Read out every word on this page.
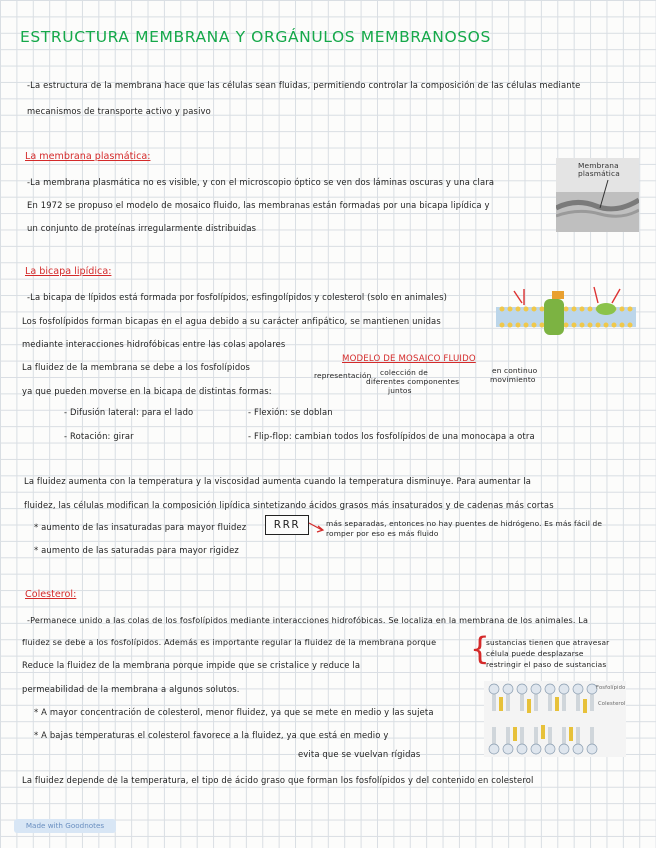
ESTRUCTURA MEMBRANA Y ORGÁNULOS MEMBRANOSOS
-La estructura de la membrana hace que las células sean fluidas, permitiendo controlar la composición de las células mediante
mecanismos de transporte activo y pasivo
La membrana plasmática:
-La membrana plasmática no es visible, y con el microscopio óptico se ven dos láminas oscuras y una clara
En 1972 se propuso el modelo de mosaico fluido, las membranas están formadas por una bicapa lipídica y
un conjunto de proteínas irregularmente distribuidas
Membrana
plasmática
La bicapa lipídica:
-La bicapa de lípidos está formada por fosfolípidos, esfingolípidos y colesterol (solo en animales)
Los fosfolípidos forman bicapas en el agua debido a su carácter anfipático, se mantienen unidas
mediante interacciones hidrofóbicas entre las colas apolares
La fluidez de la membrana se debe a los fosfolípidos
ya que pueden moverse en la bicapa de distintas formas:
MODELO DE MOSAICO FLUIDO
representación colección de
diferentes componentes
juntos
en continuo
movimiento
- Difusión lateral: para el lado
- Rotación: girar
- Flexión: se doblan
- Flip-flop: cambian todos los fosfolípidos de una monocapa a otra
La fluidez aumenta con la temperatura y la viscosidad aumenta cuando la temperatura disminuye. Para aumentar la
fluidez, las células modifican la composición lipídica sintetizando ácidos grasos más insaturados y de cadenas más cortas
* aumento de las insaturadas para mayor fluidez	RRR	más separadas, entonces no hay puentes de hidrógeno. Es más fácil de
romper por eso es más fluido
* aumento de las saturadas para mayor rigidez
Colesterol:
-Permanece unido a las colas de los fosfolípidos mediante interacciones hidrofóbicas. Se localiza en la membrana de los animales. La
fluidez se debe a los fosfolípidos. Además es importante regular la fluidez de la membrana porque {
sustancias tienen que atravesar
célula puede desplazarse
restringir el paso de sustancias
Reduce la fluidez de la membrana porque impide que se cristalice y reduce la
permeabilidad de la membrana a algunos solutos.
* A mayor concentración de colesterol, menor fluidez, ya que se mete en medio y las sujeta
* A bajas temperaturas el colesterol favorece a la fluidez, ya que está en medio y
evita que se vuelvan rígidas
Fosfolípido
Colesterol
La fluidez depende de la temperatura, el tipo de ácido graso que forman los fosfolípidos y del contenido en colesterol
Made with Goodnotes
